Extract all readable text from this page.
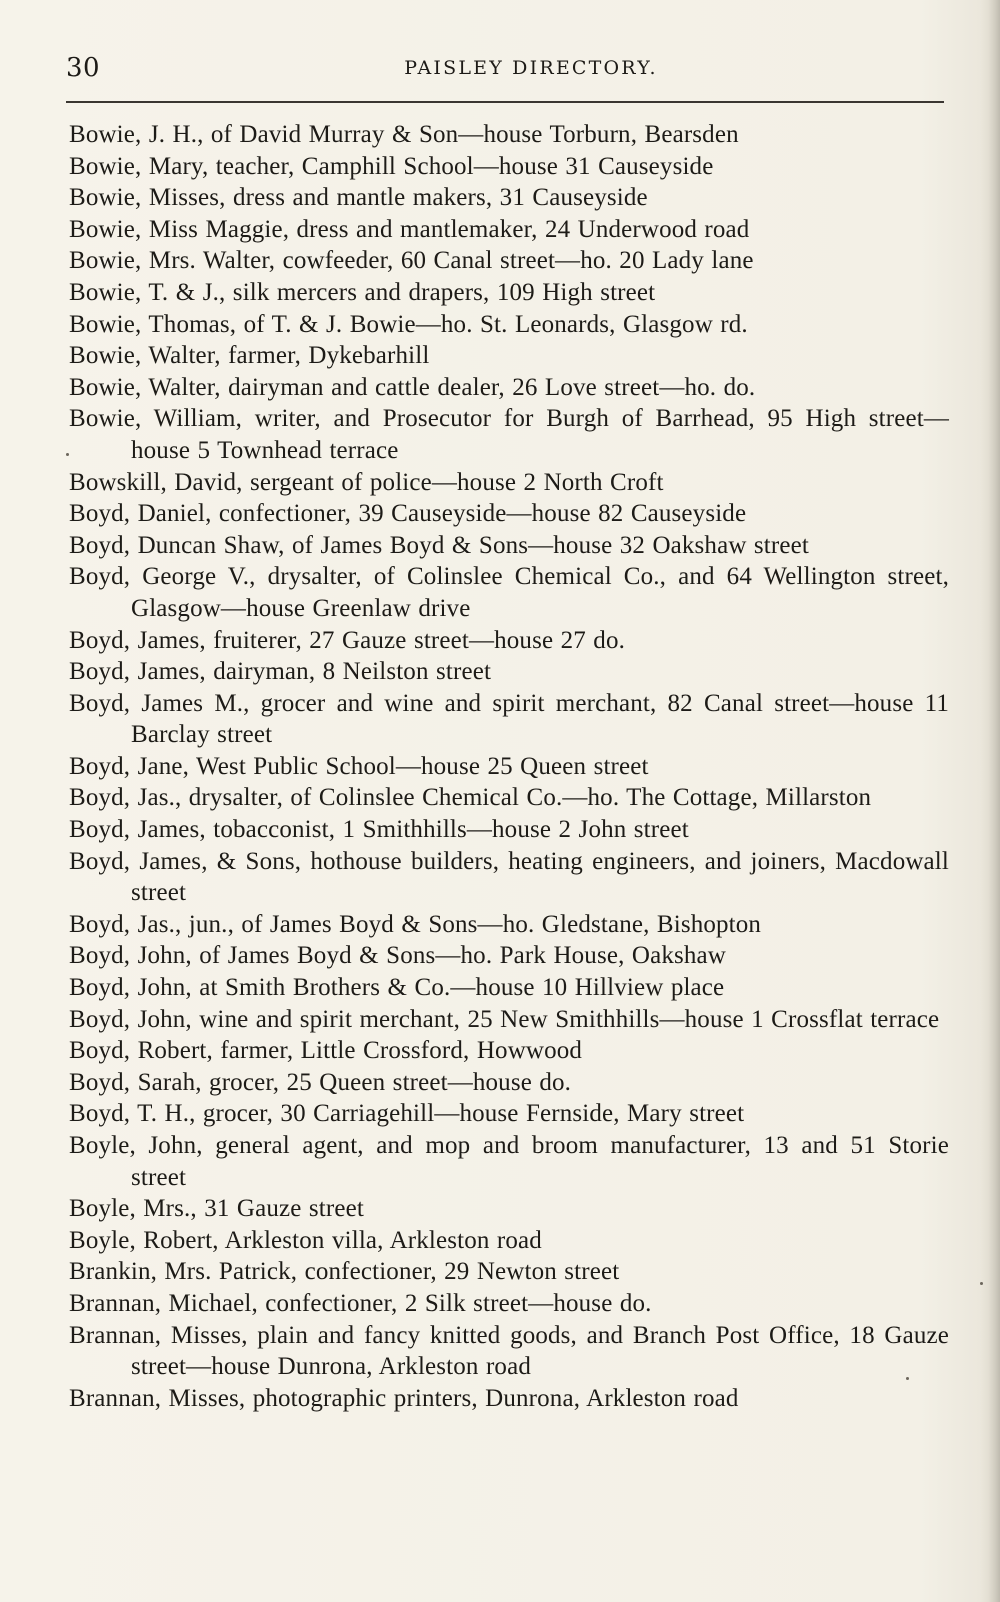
30	PAISLEY DIRECTORY.
Bowie, J. H., of David Murray & Son—house Torburn, Bearsden
Bowie, Mary, teacher, Camphill School—house 31 Causeyside
Bowie, Misses, dress and mantle makers, 31 Causeyside
Bowie, Miss Maggie, dress and mantlemaker, 24 Underwood road
Bowie, Mrs. Walter, cowfeeder, 60 Canal street—ho. 20 Lady lane
Bowie, T. & J., silk mercers and drapers, 109 High street
Bowie, Thomas, of T. & J. Bowie—ho. St. Leonards, Glasgow rd.
Bowie, Walter, farmer, Dykebarhill
Bowie, Walter, dairyman and cattle dealer, 26 Love street—ho. do.
Bowie, William, writer, and Prosecutor for Burgh of Barrhead, 95 High street—house 5 Townhead terrace
Bowskill, David, sergeant of police—house 2 North Croft
Boyd, Daniel, confectioner, 39 Causeyside—house 82 Causeyside
Boyd, Duncan Shaw, of James Boyd & Sons—house 32 Oakshaw street
Boyd, George V., drysalter, of Colinslee Chemical Co., and 64 Wellington street, Glasgow—house Greenlaw drive
Boyd, James, fruiterer, 27 Gauze street—house 27 do.
Boyd, James, dairyman, 8 Neilston street
Boyd, James M., grocer and wine and spirit merchant, 82 Canal street—house 11 Barclay street
Boyd, Jane, West Public School—house 25 Queen street
Boyd, Jas., drysalter, of Colinslee Chemical Co.—ho. The Cottage, Millarston
Boyd, James, tobacconist, 1 Smithhills—house 2 John street
Boyd, James, & Sons, hothouse builders, heating engineers, and joiners, Macdowall street
Boyd, Jas., jun., of James Boyd & Sons—ho. Gledstane, Bishopton
Boyd, John, of James Boyd & Sons—ho. Park House, Oakshaw
Boyd, John, at Smith Brothers & Co.—house 10 Hillview place
Boyd, John, wine and spirit merchant, 25 New Smithhills—house 1 Crossflat terrace
Boyd, Robert, farmer, Little Crossford, Howwood
Boyd, Sarah, grocer, 25 Queen street—house do.
Boyd, T. H., grocer, 30 Carriagehill—house Fernside, Mary street
Boyle, John, general agent, and mop and broom manufacturer, 13 and 51 Storie street
Boyle, Mrs., 31 Gauze street
Boyle, Robert, Arkleston villa, Arkleston road
Brankin, Mrs. Patrick, confectioner, 29 Newton street
Brannan, Michael, confectioner, 2 Silk street—house do.
Brannan, Misses, plain and fancy knitted goods, and Branch Post Office, 18 Gauze street—house Dunrona, Arkleston road
Brannan, Misses, photographic printers, Dunrona, Arkleston road
